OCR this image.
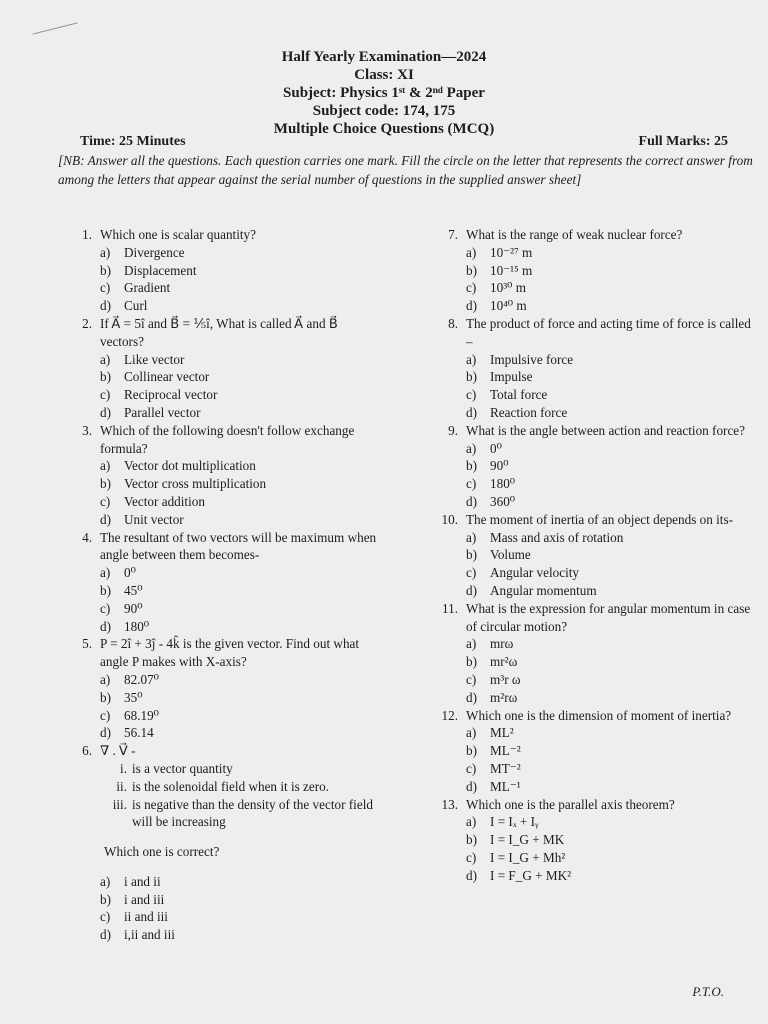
Half Yearly Examination—2024
Class: XI
Subject: Physics 1ˢᵗ & 2ⁿᵈ Paper
Subject code: 174, 175
Multiple Choice Questions (MCQ)
Time: 25 Minutes	Full Marks: 25
[NB: Answer all the questions. Each question carries one mark. Fill the circle on the letter that represents the correct answer from among the letters that appear against the serial number of questions in the supplied answer sheet]
1. Which one is scalar quantity?
a)	Divergence
b) Displacement
c)	Gradient
d) Curl
2. If A⃗ = 5î and B⃗ = ⅕î, What is called A⃗ and B⃗ vectors?
a)	Like vector
b) Collinear vector
c)	Reciprocal vector
d) Parallel vector
3. Which of the following doesn't follow exchange formula?
a)	Vector dot multiplication
b) Vector cross multiplication
c)	Vector addition
d) Unit vector
4. The resultant of two vectors will be maximum when angle between them becomes-
a)	0⁰
b) 45⁰
c)	90⁰
d) 180⁰
5. P = 2î + 3ĵ - 4k̂ is the given vector. Find out what angle P makes with X-axis?
a)	82.07⁰
b) 35⁰
c)	68.19⁰
d) 56.14
6. ∇ . V⃗ -
i. is a vector quantity
ii. is the solenoidal field when it is zero.
iii. is negative than the density of the vector field will be increasing
Which one is correct?
a)	i and ii
b) i and iii
c)	ii and iii
d) i,ii and iii
7. What is the range of weak nuclear force?
a)	10⁻²⁷ m
b) 10⁻¹⁵ m
c)	10³⁰ m
d) 10⁴⁰ m
8. The product of force and acting time of force is called –
a)	Impulsive force
b) Impulse
c)	Total force
d) Reaction force
9. What is the angle between action and reaction force?
a)	0⁰
b) 90⁰
c)	180⁰
d) 360⁰
10. The moment of inertia of an object depends on its-
a)	Mass and axis of rotation
b) Volume
c)	Angular velocity
d) Angular momentum
11. What is the expression for angular momentum in case of circular motion?
a)	mrω
b) mr²ω
c)	m³r ω
d) m²rω
12. Which one is the dimension of moment of inertia?
a)	ML²
b) ML⁻²
c)	MT⁻²
d) ML⁻¹
13. Which one is the parallel axis theorem?
a)	I = Iₓ + Iᵧ
b) I = I_G + MK
c)	I = I_G + Mh²
d) I = F_G + MK²
P.T.O.
